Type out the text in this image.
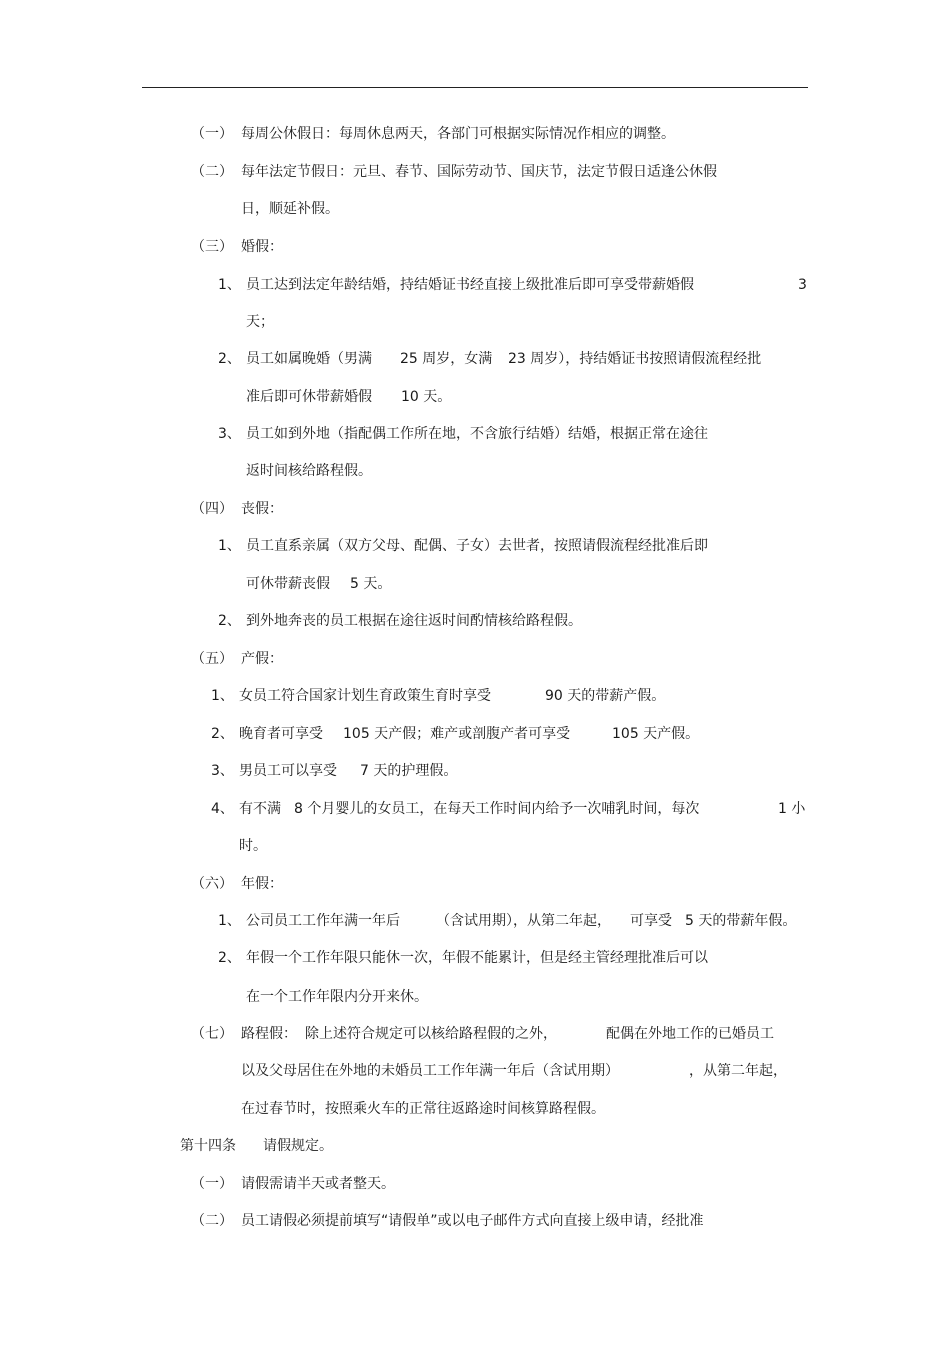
（一） 每周公休假日：每周休息两天，各部门可根据实际情况作相应的调整。
（二） 每年法定节假日：元旦、春节、国际劳动节、国庆节，法定节假日适逢公休假
日，顺延补假。
（三） 婚假：
1、 员工达到法定年龄结婚，持结婚证书经直接上级批准后即可享受带薪婚假	3
天；
2、 员工如属晚婚（男满 25 周岁，女满 23 周岁），持结婚证书按照请假流程经批
准后即可休带薪婚假 10 天。
3、 员工如到外地（指配偶工作所在地，不含旅行结婚）结婚，根据正常在途往
返时间核给路程假。
（四） 丧假：
1、 员工直系亲属（双方父母、配偶、子女）去世者，按照请假流程经批准后即
可休带薪丧假 5 天。
2、 到外地奔丧的员工根据在途往返时间酌情核给路程假。
（五） 产假：
1、 女员工符合国家计划生育政策生育时享受	90 天的带薪产假。
2、 晚育者可享受 105 天产假；难产或剖腹产者可享受	105 天产假。
3、 男员工可以享受 7 天的护理假。
4、 有不满 8 个月婴儿的女员工，在每天工作时间内给予一次哺乳时间，每次	1 小
时。
（六） 年假：
1、 公司员工工作年满一年后	（含试用期），从第二年起， 可享受 5 天的带薪年假。
2、 年假一个工作年限只能休一次，年假不能累计，但是经主管经理批准后可以
在一个工作年限内分开来休。
（七） 路程假： 除上述符合规定可以核给路程假的之外，	配偶在外地工作的已婚员工
以及父母居住在外地的未婚员工工作年满一年后（含试用期）	，从第二年起，
在过春节时，按照乘火车的正常往返路途时间核算路程假。
第十四条 请假规定。
（一） 请假需请半天或者整天。
（二） 员工请假必须提前填写“请假单”或以电子邮件方式向直接上级申请，经批准
